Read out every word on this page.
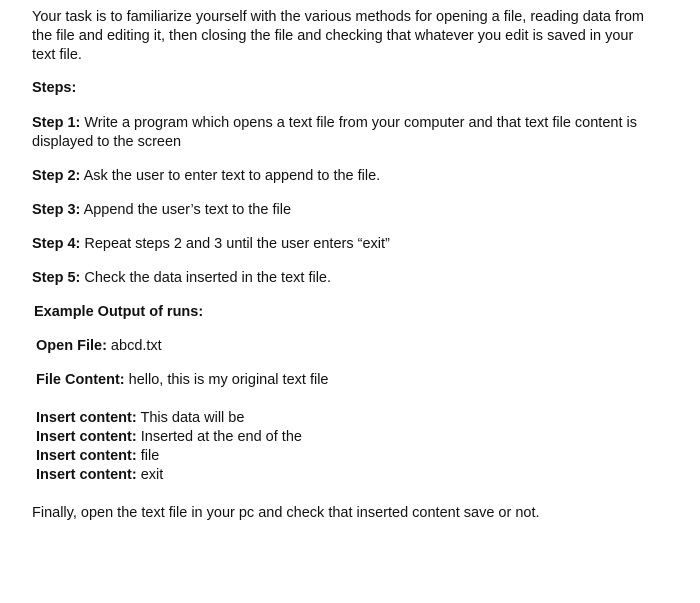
Your task is to familiarize yourself with the various methods for opening a file, reading data from the file and editing it, then closing the file and checking that whatever you edit is saved in your text file.

Steps:

Step 1: Write a program which opens a text file from your computer and that text file content is displayed to the screen

Step 2: Ask the user to enter text to append to the file.

Step 3: Append the user’s text to the file

Step 4: Repeat steps 2 and 3 until the user enters “exit”

Step 5: Check the data inserted in the text file.

Example Output of runs:

Open File: abcd.txt

File Content: hello, this is my original text file

Insert content: This data will be

Insert content: Inserted at the end of the

Insert content: file

Insert content: exit

Finally, open the text file in your pc and check that inserted content save or not.
